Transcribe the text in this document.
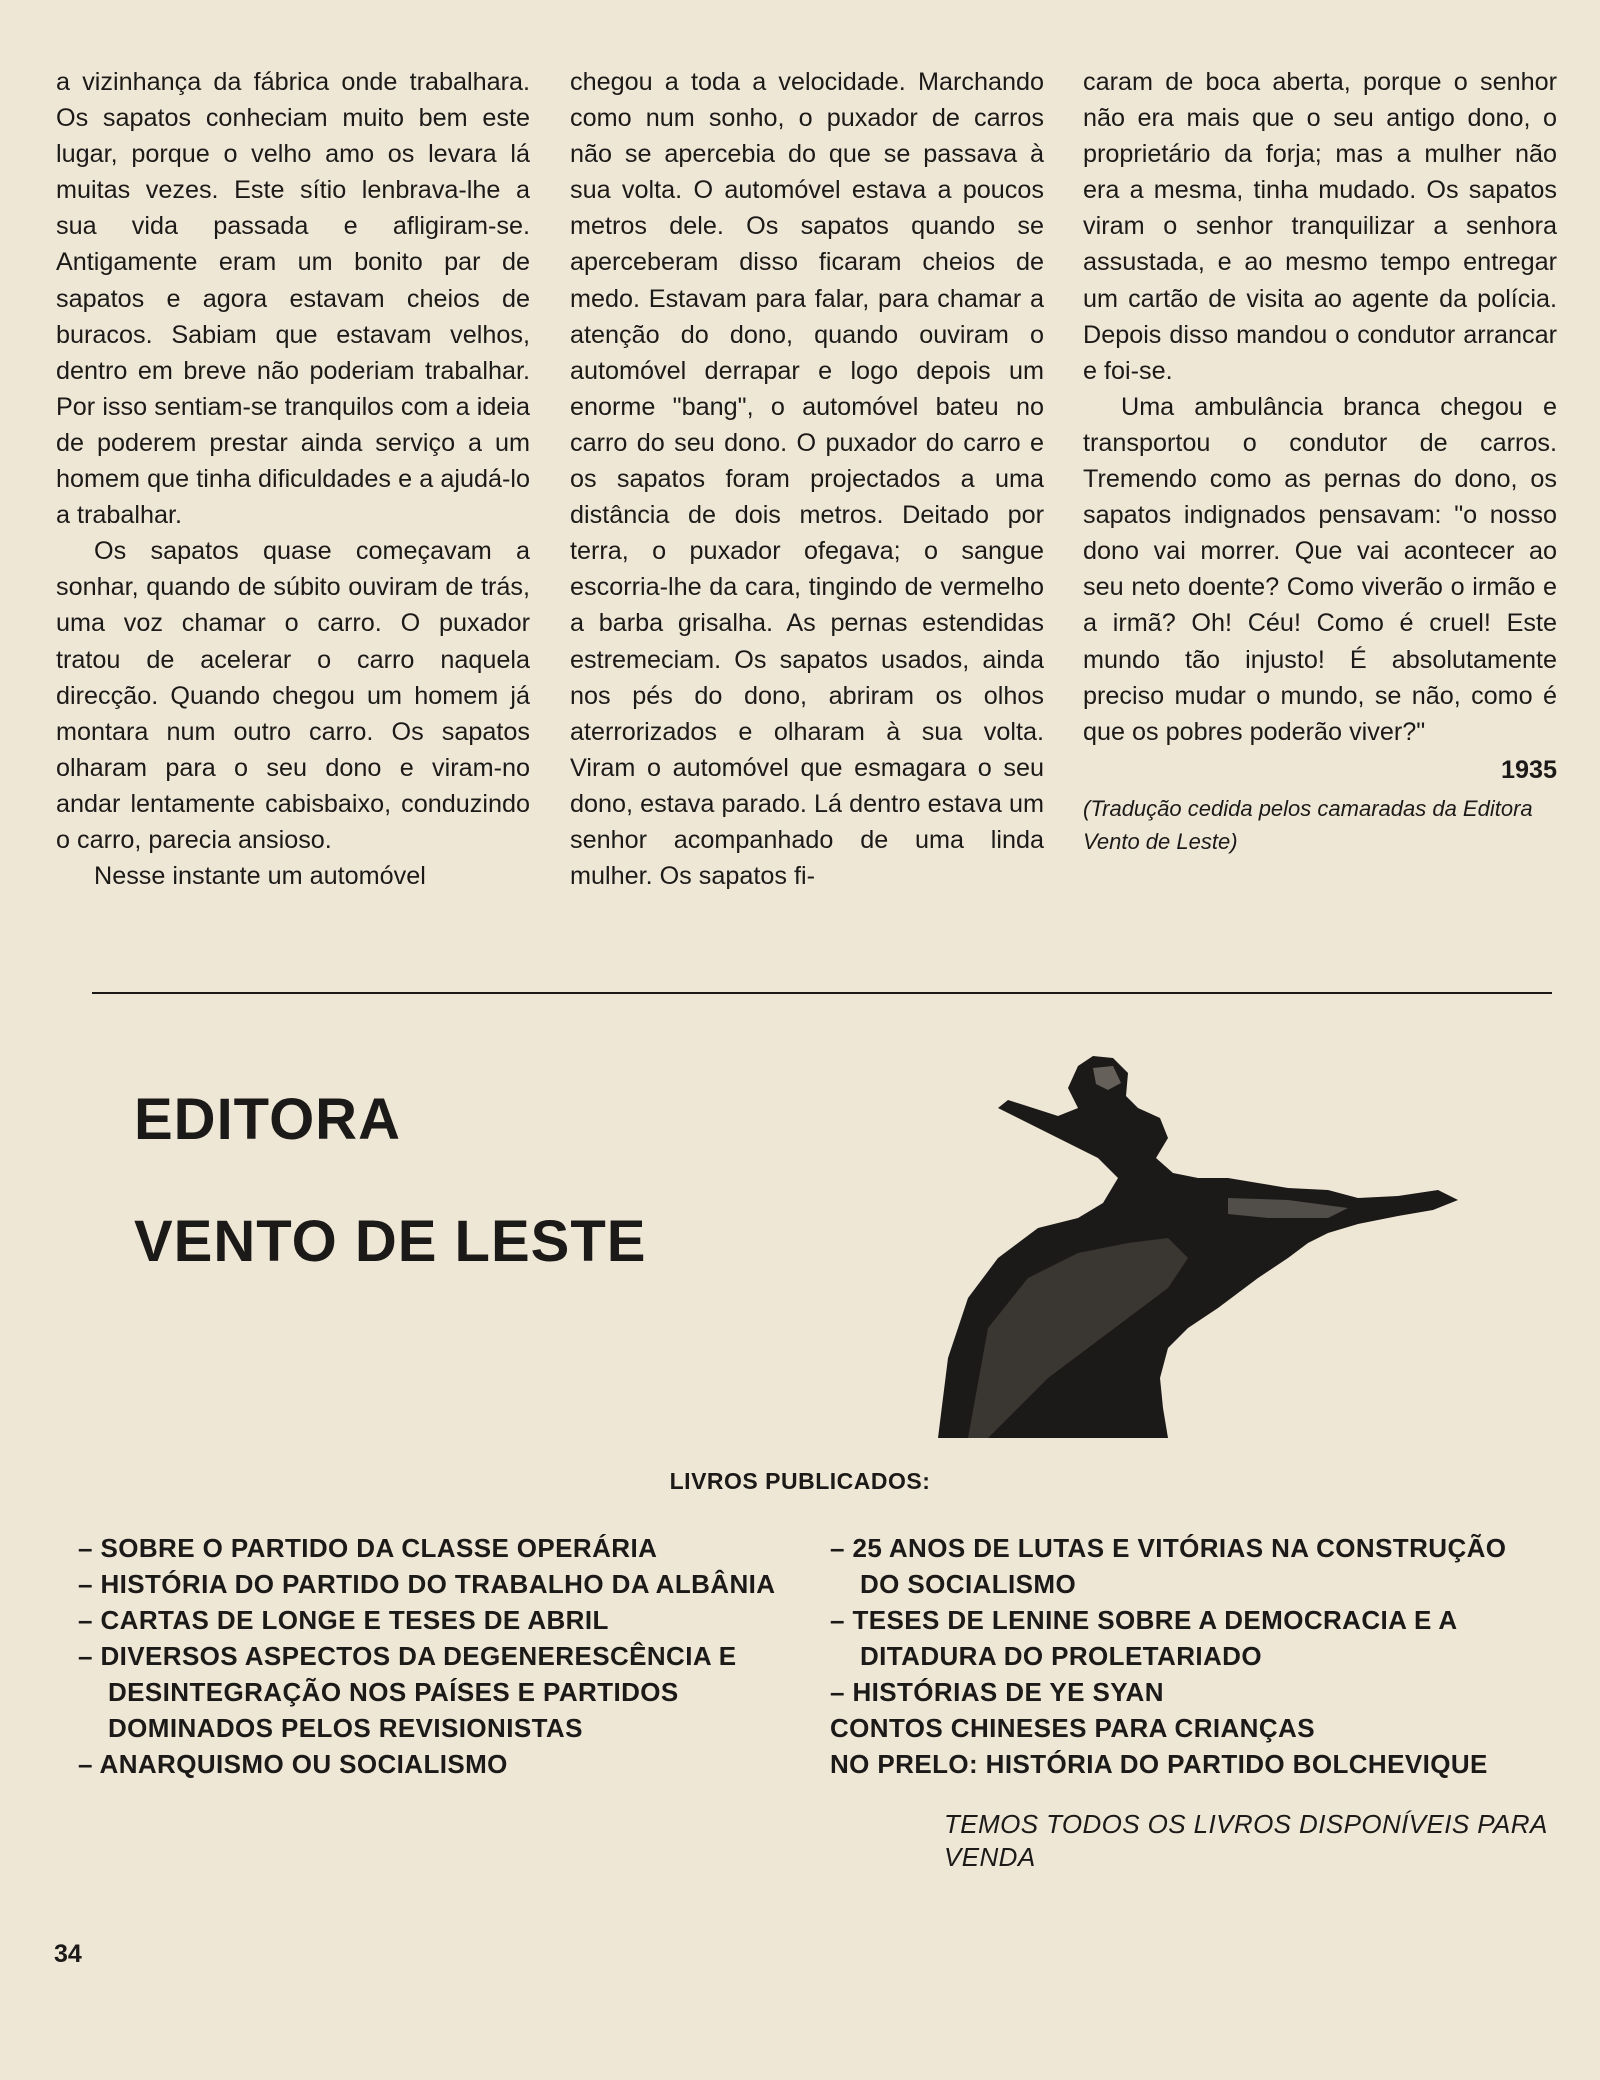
a vizinhança da fábrica onde trabalhara. Os sapatos conheciam muito bem este lugar, porque o velho amo os levara lá muitas vezes. Este sítio lenbrava-lhe a sua vida passada e afligiram-se. Antigamente eram um bonito par de sapatos e agora estavam cheios de buracos. Sabiam que estavam velhos, dentro em breve não poderiam trabalhar. Por isso sentiam-se tranquilos com a ideia de poderem prestar ainda serviço a um homem que tinha dificuldades e a ajudá-lo a trabalhar.

Os sapatos quase começavam a sonhar, quando de súbito ouviram de trás, uma voz chamar o carro. O puxador tratou de acelerar o carro naquela direcção. Quando chegou um homem já montara num outro carro. Os sapatos olharam para o seu dono e viram-no andar lentamente cabisbaixo, conduzindo o carro, parecia ansioso.

Nesse instante um automóvel

chegou a toda a velocidade. Marchando como num sonho, o puxador de carros não se apercebia do que se passava à sua volta. O automóvel estava a poucos metros dele. Os sapatos quando se aperceberam disso ficaram cheios de medo. Estavam para falar, para chamar a atenção do dono, quando ouviram o automóvel derrapar e logo depois um enorme "bang", o automóvel bateu no carro do seu dono. O puxador do carro e os sapatos foram projectados a uma distância de dois metros. Deitado por terra, o puxador ofegava; o sangue escorria-lhe da cara, tingindo de vermelho a barba grisalha. As pernas estendidas estremeciam. Os sapatos usados, ainda nos pés do dono, abriram os olhos aterrorizados e olharam à sua volta. Viram o automóvel que esmagara o seu dono, estava parado. Lá dentro estava um senhor acompanhado de uma linda mulher. Os sapatos fi-

caram de boca aberta, porque o senhor não era mais que o seu antigo dono, o proprietário da forja; mas a mulher não era a mesma, tinha mudado. Os sapatos viram o senhor tranquilizar a senhora assustada, e ao mesmo tempo entregar um cartão de visita ao agente da polícia. Depois disso mandou o condutor arrancar e foi-se.

Uma ambulância branca chegou e transportou o condutor de carros. Tremendo como as pernas do dono, os sapatos indignados pensavam: "o nosso dono vai morrer. Que vai acontecer ao seu neto doente? Como viverão o irmão e a irmã? Oh! Céu! Como é cruel! Este mundo tão injusto! É absolutamente preciso mudar o mundo, se não, como é que os pobres poderão viver?"

1935
(Tradução cedida pelos camaradas da Editora Vento de Leste)
EDITORA
VENTO DE LESTE
LIVROS PUBLICADOS:
– SOBRE O PARTIDO DA CLASSE OPERÁRIA
– HISTÓRIA DO PARTIDO DO TRABALHO DA ALBÂNIA
– CARTAS DE LONGE E TESES DE ABRIL
– DIVERSOS ASPECTOS DA DEGENERESCÊNCIA E DESINTEGRAÇÃO NOS PAÍSES E PARTIDOS DOMINADOS PELOS REVISIONISTAS
– ANARQUISMO OU SOCIALISMO
– 25 ANOS DE LUTAS E VITÓRIAS NA CONSTRUÇÃO DO SOCIALISMO
– TESES DE LENINE SOBRE A DEMOCRACIA E A DITADURA DO PROLETARIADO
– HISTÓRIAS DE YE SYAN
CONTOS CHINESES PARA CRIANÇAS
NO PRELO: HISTÓRIA DO PARTIDO BOLCHEVIQUE
TEMOS TODOS OS LIVROS DISPONÍVEIS PARA VENDA
34
